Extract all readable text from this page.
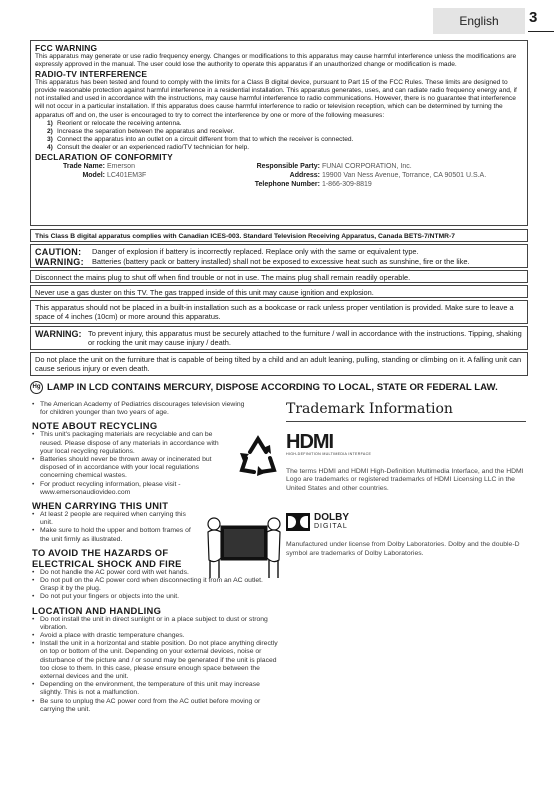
English	3
FCC WARNING
This apparatus may generate or use radio frequency energy. Changes or modifications to this apparatus may cause harmful interference unless the modifications are expressly approved in the manual. The user could lose the authority to operate this apparatus if an unauthorized change or modification is made.
RADIO-TV INTERFERENCE
This apparatus has been tested and found to comply with the limits for a Class B digital device, pursuant to Part 15 of the FCC Rules. These limits are designed to provide reasonable protection against harmful interference in a residential installation. This apparatus generates, uses, and can radiate radio frequency energy and, if not installed and used in accordance with the instructions, may cause harmful interference to radio communications. However, there is no guarantee that interference will not occur in a particular installation. If this apparatus does cause harmful interference to radio or television reception, which can be determined by turning the apparatus off and on, the user is encouraged to try to correct the interference by one or more of the following measures:
1) Reorient or relocate the receiving antenna.
2) Increase the separation between the apparatus and receiver.
3) Connect the apparatus into an outlet on a circuit different from that to which the receiver is connected.
4) Consult the dealer or an experienced radio/TV technician for help.
DECLARATION OF CONFORMITY
Trade Name: Emerson
Model: LC401EM3F
Responsible Party: FUNAI CORPORATION, Inc.
Address: 19900 Van Ness Avenue, Torrance, CA 90501 U.S.A.
Telephone Number: 1-866-309-8819
This Class B digital apparatus complies with Canadian ICES-003. Standard Television Receiving Apparatus, Canada BETS-7/NTMR-7
CAUTION:	Danger of explosion if battery is incorrectly replaced. Replace only with the same or equivalent type.
WARNING:	Batteries (battery pack or battery installed) shall not be exposed to excessive heat such as sunshine, fire or the like.
Disconnect the mains plug to shut off when find trouble or not in use. The mains plug shall remain readily operable.
Never use a gas duster on this TV. The gas trapped inside of this unit may cause ignition and explosion.
This apparatus should not be placed in a built-in installation such as a bookcase or rack unless proper ventilation is provided. Make sure to leave a space of 4 inches (10cm) or more around this apparatus.
WARNING: To prevent injury, this apparatus must be securely attached to the furniture / wall in accordance with the instructions. Tipping, shaking or rocking the unit may cause injury / death.
Do not place the unit on the furniture that is capable of being tilted by a child and an adult leaning, pulling, standing or climbing on it. A falling unit can cause serious injury or even death.
Hg LAMP IN LCD CONTAINS MERCURY, DISPOSE ACCORDING TO LOCAL, STATE OR FEDERAL LAW.
• The American Academy of Pediatrics discourages television viewing for children younger than two years of age.
NOTE ABOUT RECYCLING
• This unit's packaging materials are recyclable and can be reused. Please dispose of any materials in accordance with your local recycling regulations.
• Batteries should never be thrown away or incinerated but disposed of in accordance with your local regulations concerning chemical wastes.
• For product recycling information, please visit - www.emersonaudiovideo.com
WHEN CARRYING THIS UNIT
• At least 2 people are required when carrying this unit.
• Make sure to hold the upper and bottom frames of the unit firmly as illustrated.
TO AVOID THE HAZARDS OF
ELECTRICAL SHOCK AND FIRE
• Do not handle the AC power cord with wet hands.
• Do not pull on the AC power cord when disconnecting it from an AC outlet. Grasp it by the plug.
• Do not put your fingers or objects into the unit.
LOCATION AND HANDLING
• Do not install the unit in direct sunlight or in a place subject to dust or strong vibration.
• Avoid a place with drastic temperature changes.
• Install the unit in a horizontal and stable position. Do not place anything directly on top or bottom of the unit. Depending on your external devices, noise or disturbance of the picture and / or sound may be generated if the unit is placed too close to them. In this case, please ensure enough space between the external devices and the unit.
• Depending on the environment, the temperature of this unit may increase slightly. This is not a malfunction.
• Be sure to unplug the AC power cord from the AC outlet before moving or carrying the unit.
Trademark Information
HDMI
HIGH-DEFINITION MULTIMEDIA INTERFACE
The terms HDMI and HDMI High-Definition Multimedia Interface, and the HDMI Logo are trademarks or registered trademarks of HDMI Licensing LLC in the United States and other countries.
DOLBY
DIGITAL
Manufactured under license from Dolby Laboratories. Dolby and the double-D symbol are trademarks of Dolby Laboratories.
